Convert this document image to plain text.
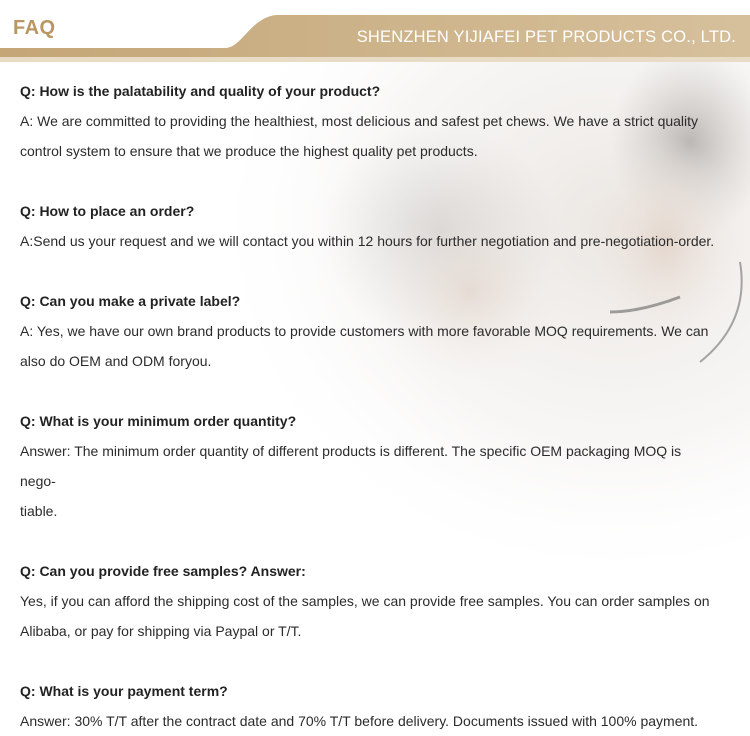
FAQ	SHENZHEN YIJIAFEI PET PRODUCTS CO., LTD.
Q: How is the palatability and quality of your product?
A: We are committed to providing the healthiest, most delicious and safest pet chews. We have a strict quality
control system to ensure that we produce the highest quality pet products.
Q: How to place an order?
A:Send us your request and we will contact you within 12 hours for further negotiation and pre-negotiation-order.
Q: Can you make a private label?
A: Yes, we have our own brand products to provide customers with more favorable MOQ requirements. We can
also do OEM and ODM foryou.
Q: What is your minimum order quantity?
Answer: The minimum order quantity of different products is different. The specific OEM packaging MOQ is nego-
tiable.
Q: Can you provide free samples? Answer:
Yes, if you can afford the shipping cost of the samples, we can provide free samples. You can order samples on
Alibaba, or pay for shipping via Paypal or T/T.
Q: What is your payment term?
Answer: 30% T/T after the contract date and 70% T/T before delivery. Documents issued with 100% payment.
